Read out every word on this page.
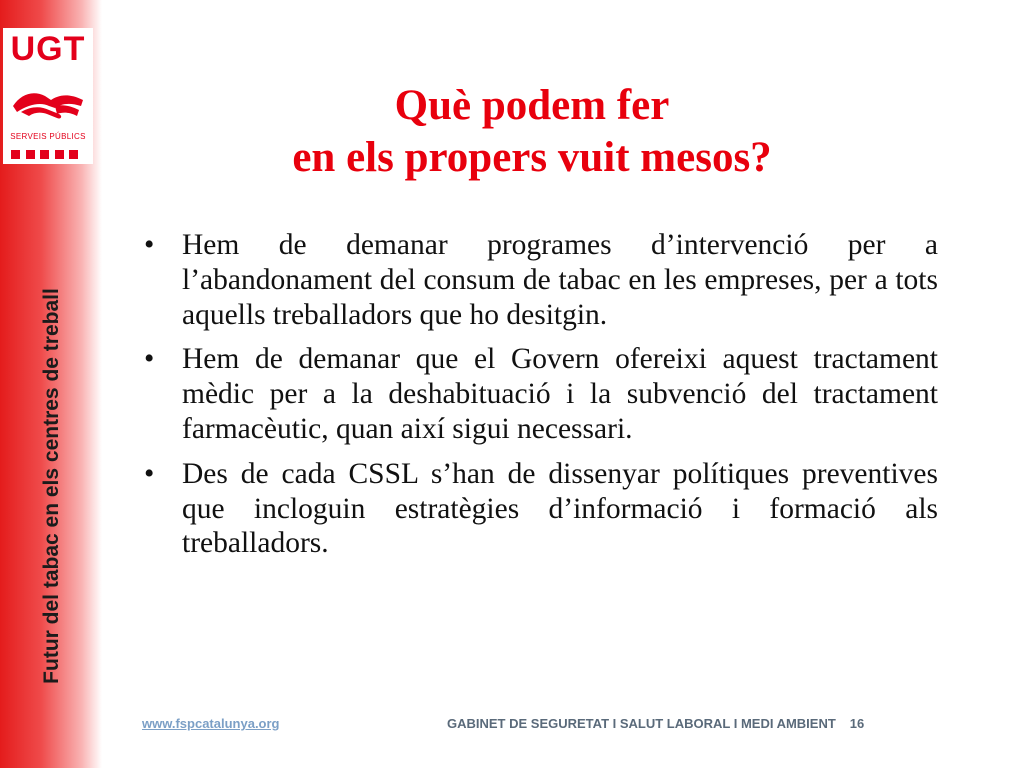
UGT
SERVEIS PÚBLICS
Futur del tabac en els centres de treball
Què podem fer
en els propers vuit mesos?
• Hem de demanar programes d’intervenció per a l’abandonament del consum de tabac en les empreses, per a tots aquells treballadors que ho desitgin.
• Hem de demanar que el Govern ofereixi aquest tractament mèdic per a la deshabituació i la subvenció del tractament farmacèutic, quan així sigui necessari.
• Des de cada CSSL s’han de dissenyar polítiques preventives que incloguin estratègies d’informació i formació als treballadors.
www.fspcatalunya.org	GABINET DE SEGURETAT I SALUT LABORAL I MEDI AMBIENT 16
